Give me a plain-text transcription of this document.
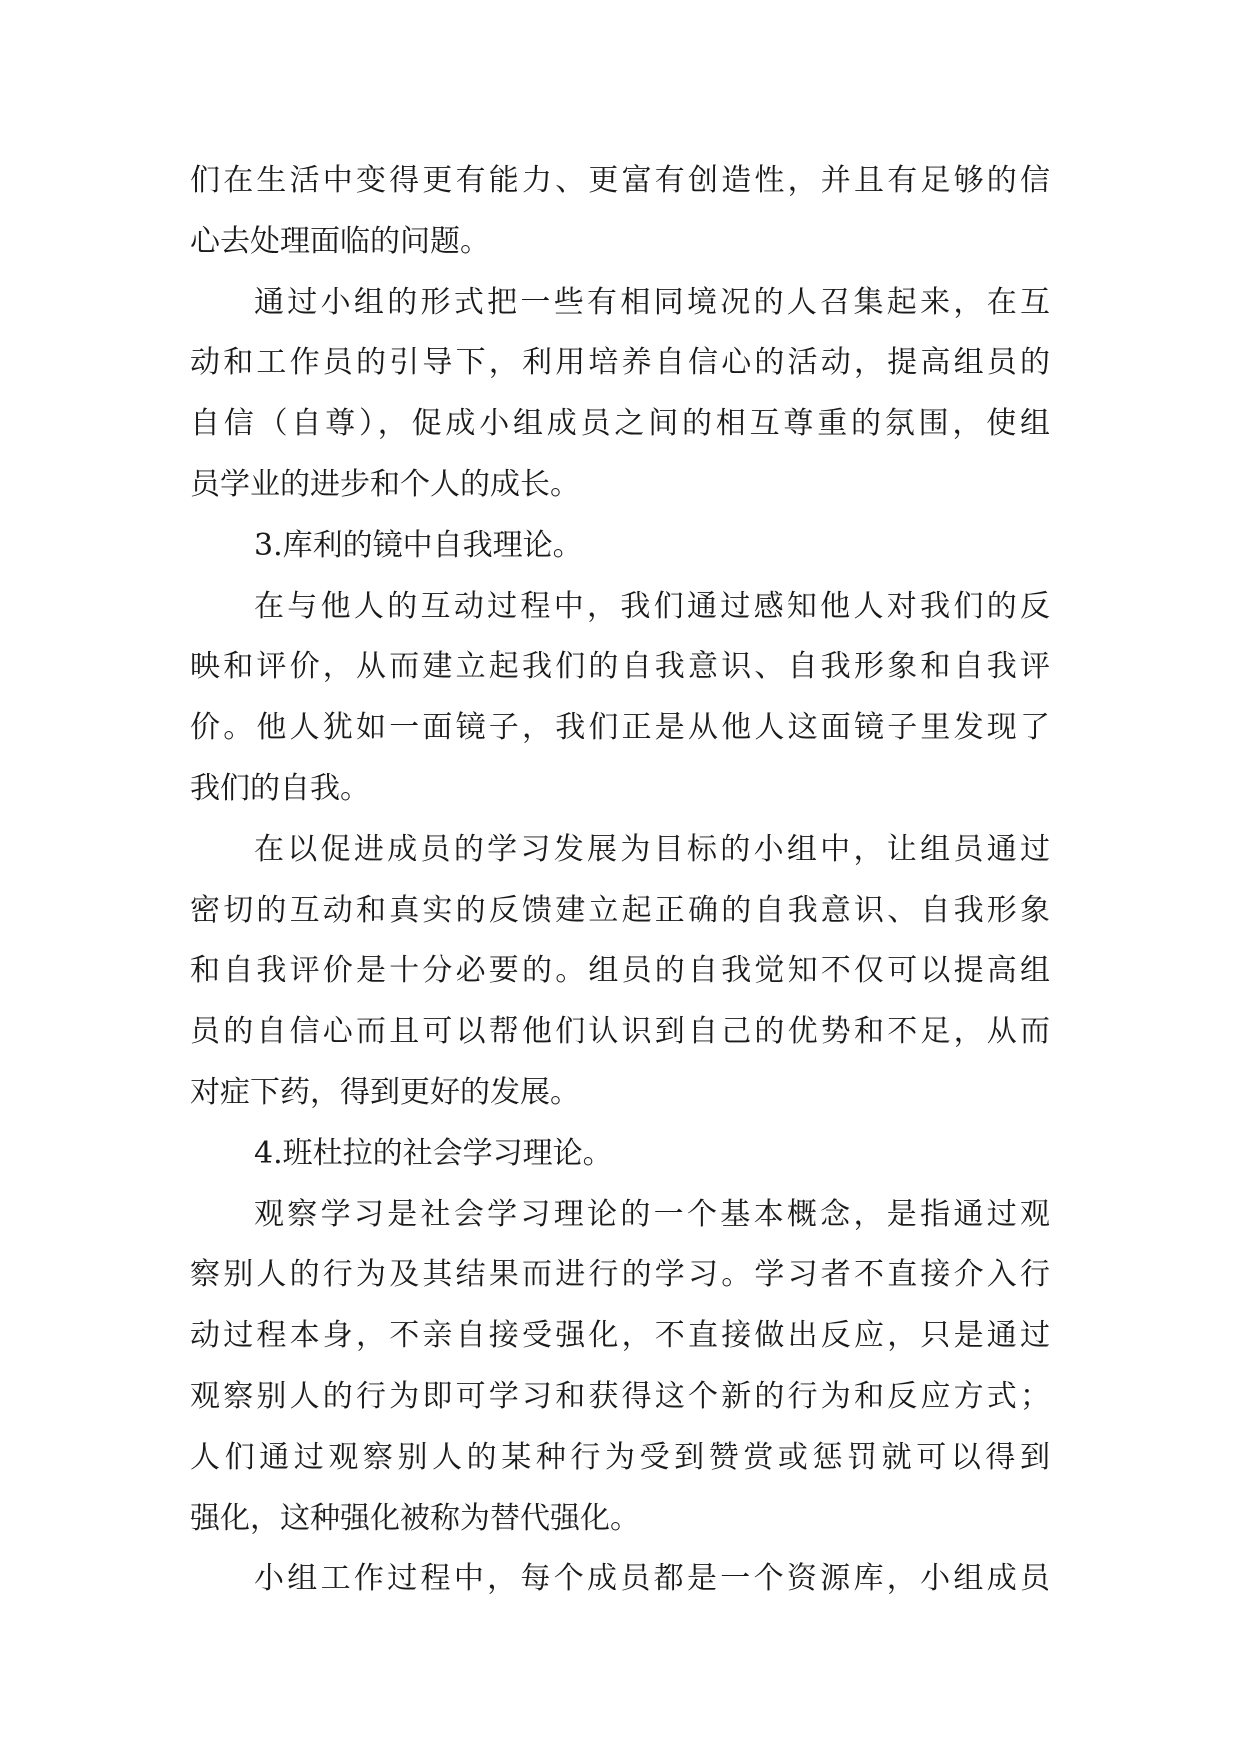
们在生活中变得更有能力、更富有创造性，并且有足够的信
心去处理面临的问题。
通过小组的形式把一些有相同境况的人召集起来，在互
动和工作员的引导下，利用培养自信心的活动，提高组员的
自信（自尊），促成小组成员之间的相互尊重的氛围，使组
员学业的进步和个人的成长。
3.库利的镜中自我理论。
在与他人的互动过程中，我们通过感知他人对我们的反
映和评价，从而建立起我们的自我意识、自我形象和自我评
价。他人犹如一面镜子，我们正是从他人这面镜子里发现了
我们的自我。
在以促进成员的学习发展为目标的小组中，让组员通过
密切的互动和真实的反馈建立起正确的自我意识、自我形象
和自我评价是十分必要的。组员的自我觉知不仅可以提高组
员的自信心而且可以帮他们认识到自己的优势和不足，从而
对症下药，得到更好的发展。
4.班杜拉的社会学习理论。
观察学习是社会学习理论的一个基本概念，是指通过观
察别人的行为及其结果而进行的学习。学习者不直接介入行
动过程本身，不亲自接受强化，不直接做出反应，只是通过
观察别人的行为即可学习和获得这个新的行为和反应方式；
人们通过观察别人的某种行为受到赞赏或惩罚就可以得到
强化，这种强化被称为替代强化。
小组工作过程中，每个成员都是一个资源库，小组成员
